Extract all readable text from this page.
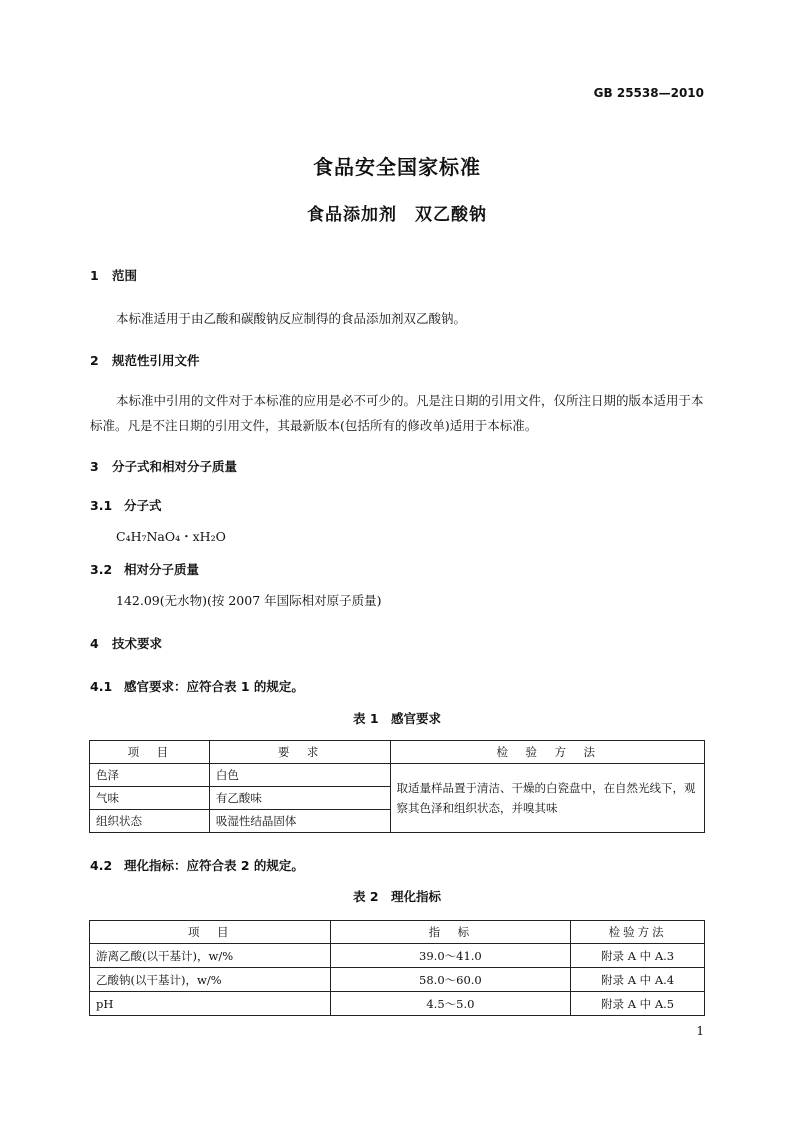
GB 25538—2010
食品安全国家标准
食品添加剂　双乙酸钠
1 范围
本标准适用于由乙酸和碳酸钠反应制得的食品添加剂双乙酸钠。
2 规范性引用文件
本标准中引用的文件对于本标准的应用是必不可少的。凡是注日期的引用文件，仅所注日期的版本适用于本标准。凡是不注日期的引用文件，其最新版本(包括所有的修改单)适用于本标准。
3 分子式和相对分子质量
3.1 分子式
C₄H₇NaO₄・xH₂O
3.2 相对分子质量
142.09(无水物)(按 2007 年国际相对原子质量)
4 技术要求
4.1 感官要求：应符合表 1 的规定。
表 1　感官要求
项　目	要　求	检　验　方　法
色泽	白色	取适量样品置于清洁、干燥的白瓷盘中，在自然光线下，观察其色泽和组织状态，并嗅其味
气味	有乙酸味	
组织状态	吸湿性结晶固体	
4.2 理化指标：应符合表 2 的规定。
表 2　理化指标
项　目	指　标	检验方法
游离乙酸(以干基计)，w/%	39.0～41.0	附录 A 中 A.3
乙酸钠(以干基计)，w/%	58.0～60.0	附录 A 中 A.4
pH	4.5～5.0	附录 A 中 A.5
1
